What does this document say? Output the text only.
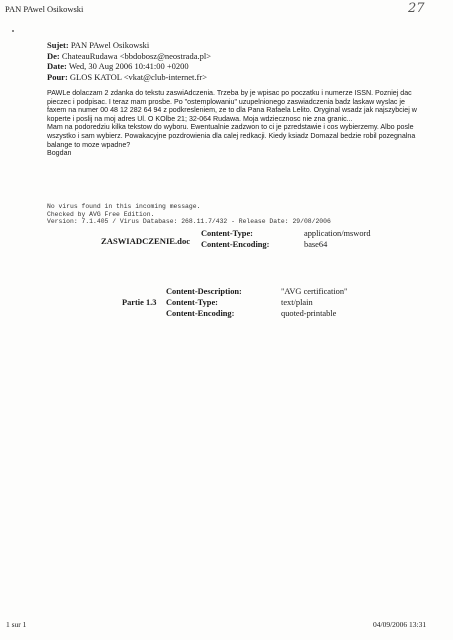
PAN PAwel Osikowski	27
Sujet: PAN PAwel Osikowski
De: ChateauRudawa <bbdobosz@neostrada.pl>
Date: Wed, 30 Aug 2006 10:41:00 +0200
Pour: GLOS KATOL <vkat@club-internet.fr>

PAWLe dolaczam 2 zdanka do tekstu zaswiAdczenia. Trzeba by je wpisac po poczatku i numerze ISSN. Pozniej dac pieczec i podpisac. I teraz mam prosbe. Po "ostemplowaniu" uzupelnionego zaswiadczenia badz laskaw wyslac je faxem na numer 00 48 12 282 64 94 z podkresleniem, ze to dla Pana Rafaela Lelito. Oryginal wsadz jak najszybciej w koperte i poslij na moj adres Ul. O KOlbe 21; 32-064 Rudawa. Moja wdziecznosc nie zna granic...

Mam na podoredziu kilka tekstow do wyboru. Ewentualnie zadzwon to ci je pzredstawie i cos wybierzemy. Albo posle wszystko i sam wybierz. Powakacyjne pozdrowienia dla calej redkacji. Kiedy ksiadz Domazal bedzie robil pozegnalna balange to moze wpadne?

Bogdan

No virus found in this incoming message.
Checked by AVG Free Edition.
Version: 7.1.405 / Virus Database: 268.11.7/432 - Release Date: 29/08/2006
ZASWIADCZENIE.doc
Content-Type:	application/msword
Content-Encoding:	base64
Content-Description:	"AVG certification"
Partie 1.3 Content-Type:	text/plain
Content-Encoding:	quoted-printable
1 sur 1	04/09/2006 13:31
